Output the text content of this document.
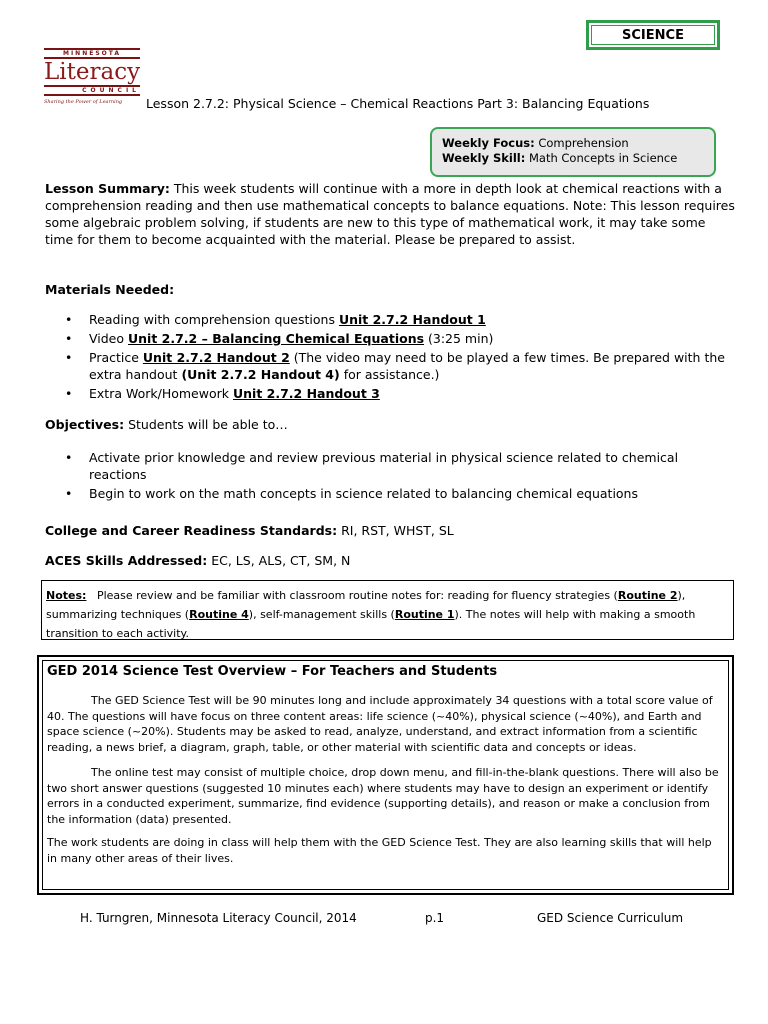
SCIENCE
MINNESOTA
Literacy
COUNCIL
Sharing the Power of Learning	Lesson 2.7.2: Physical Science – Chemical Reactions Part 3: Balancing Equations
Weekly Focus: Comprehension
Weekly Skill: Math Concepts in Science
Lesson Summary: This week students will continue with a more in depth look at chemical reactions with a comprehension reading and then use mathematical concepts to balance equations. Note: This lesson requires some algebraic problem solving, if students are new to this type of mathematical work, it may take some time for them to become acquainted with the material. Please be prepared to assist.
Materials Needed:
• Reading with comprehension questions Unit 2.7.2 Handout 1
• Video Unit 2.7.2 – Balancing Chemical Equations (3:25 min)
• Practice Unit 2.7.2 Handout 2 (The video may need to be played a few times. Be prepared with the extra handout (Unit 2.7.2 Handout 4) for assistance.)
• Extra Work/Homework Unit 2.7.2 Handout 3
Objectives: Students will be able to…
• Activate prior knowledge and review previous material in physical science related to chemical reactions
• Begin to work on the math concepts in science related to balancing chemical equations
College and Career Readiness Standards: RI, RST, WHST, SL
ACES Skills Addressed: EC, LS, ALS, CT, SM, N
Notes: Please review and be familiar with classroom routine notes for: reading for fluency strategies (Routine 2), summarizing techniques (Routine 4), self-management skills (Routine 1). The notes will help with making a smooth transition to each activity.
GED 2014 Science Test Overview – For Teachers and Students

The GED Science Test will be 90 minutes long and include approximately 34 questions with a total score value of 40. The questions will have focus on three content areas: life science (~40%), physical science (~40%), and Earth and space science (~20%). Students may be asked to read, analyze, understand, and extract information from a scientific reading, a news brief, a diagram, graph, table, or other material with scientific data and concepts or ideas.

The online test may consist of multiple choice, drop down menu, and fill-in-the-blank questions. There will also be two short answer questions (suggested 10 minutes each) where students may have to design an experiment or identify errors in a conducted experiment, summarize, find evidence (supporting details), and reason or make a conclusion from the information (data) presented.

The work students are doing in class will help them with the GED Science Test. They are also learning skills that will help in many other areas of their lives.

H. Turngren, Minnesota Literacy Council, 2014	p.1	GED Science Curriculum
